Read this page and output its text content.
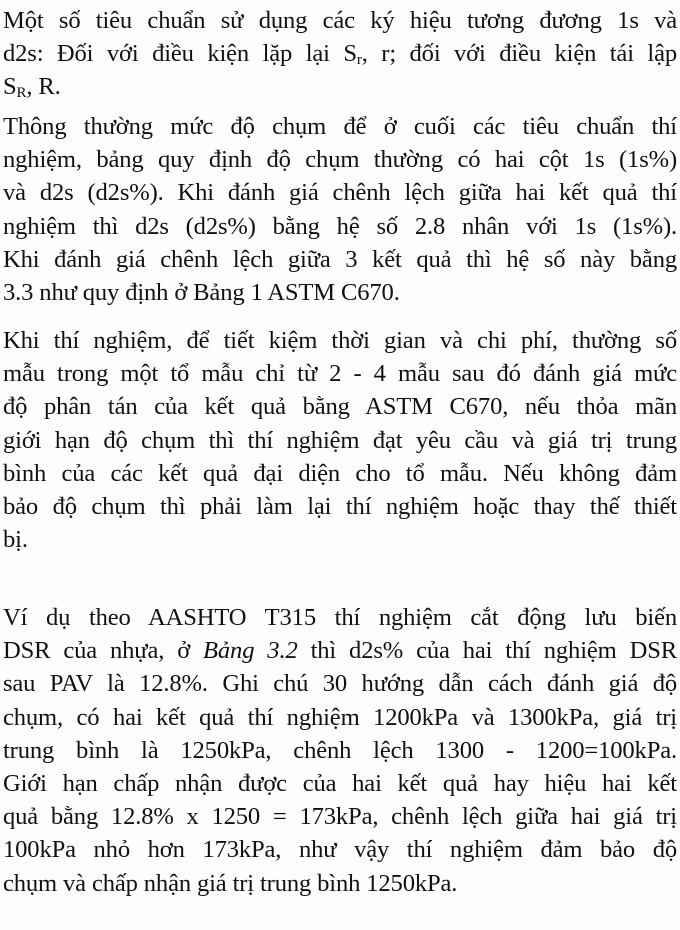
Một số tiêu chuẩn sử dụng các ký hiệu tương đương 1s và
d2s: Đối với điều kiện lặp lại $S_r$, r; đối với điều kiện tái lập
$S_R$, R.
Thông thường mức độ chụm để ở cuối các tiêu chuẩn thí
nghiệm, bảng quy định độ chụm thường có hai cột 1s (1s%)
và d2s (d2s%). Khi đánh giá chênh lệch giữa hai kết quả thí
nghiệm thì d2s (d2s%) bằng hệ số 2.8 nhân với 1s (1s%).
Khi đánh giá chênh lệch giữa 3 kết quả thì hệ số này bằng
3.3 như quy định ở Bảng 1 ASTM C670.
Khi thí nghiệm, để tiết kiệm thời gian và chi phí, thường số
mẫu trong một tổ mẫu chỉ từ 2 - 4 mẫu sau đó đánh giá mức
độ phân tán của kết quả bằng ASTM C670, nếu thỏa mãn
giới hạn độ chụm thì thí nghiệm đạt yêu cầu và giá trị trung
bình của các kết quả đại diện cho tổ mẫu. Nếu không đảm
bảo độ chụm thì phải làm lại thí nghiệm hoặc thay thế thiết
bị.
Ví dụ theo AASHTO T315 thí nghiệm cắt động lưu biến
DSR của nhựa, ở Bảng 3.2 thì d2s% của hai thí nghiệm DSR
sau PAV là 12.8%. Ghi chú 30 hướng dẫn cách đánh giá độ
chụm, có hai kết quả thí nghiệm 1200kPa và 1300kPa, giá trị
trung bình là 1250kPa, chênh lệch 1300 - 1200=100kPa.
Giới hạn chấp nhận được của hai kết quả hay hiệu hai kết
quả bằng 12.8% x 1250 = 173kPa, chênh lệch giữa hai giá trị
100kPa nhỏ hơn 173kPa, như vậy thí nghiệm đảm bảo độ
chụm và chấp nhận giá trị trung bình 1250kPa.
